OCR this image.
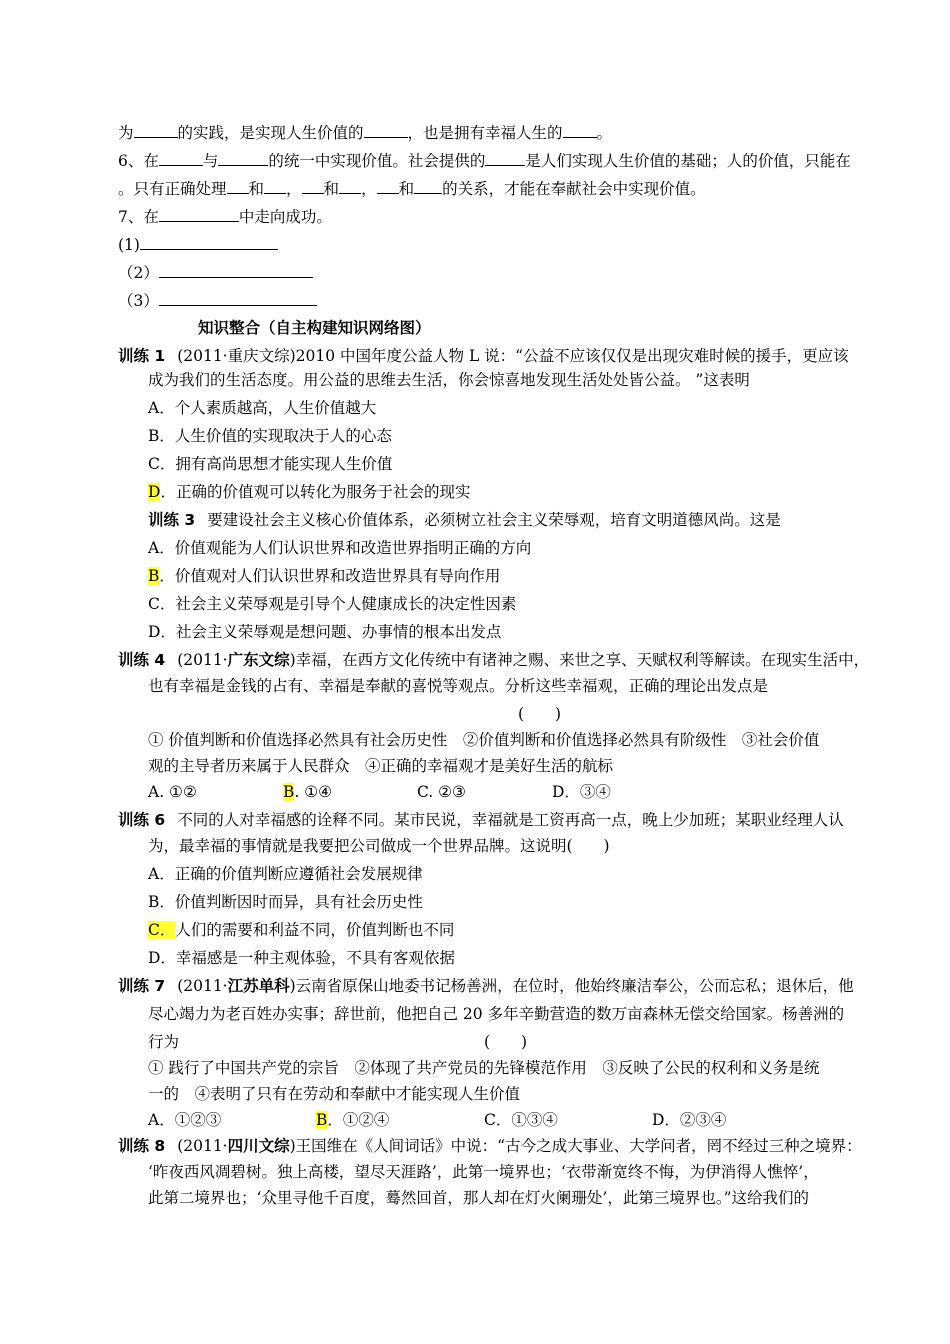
为	的实践，是实现人生价值的	，也是拥有幸福人生的 。
6、在	与	的统一中实现价值。社会提供的	是人们实现人生价值的基础；人的价值，只能在
。只有正确处理 和 ， 和 ， 和 的关系，才能在奉献社会中实现价值。
7、在	中走向成功。
(1)
（2）
（3）
知识整合（自主构建知识网络图）
训练 1 (2011·重庆文综)2010 中国年度公益人物 L 说：“公益不应该仅仅是出现灾难时候的援手，更应该
成为我们的生活态度。用公益的思维去生活，你会惊喜地发现生活处处皆公益。 ”这表明
A．个人素质越高，人生价值越大
B．人生价值的实现取决于人的心态
C．拥有高尚思想才能实现人生价值
D．正确的价值观可以转化为服务于社会的现实
训练 3 要建设社会主义核心价值体系，必须树立社会主义荣辱观，培育文明道德风尚。这是
A．价值观能为人们认识世界和改造世界指明正确的方向
B．价值观对人们认识世界和改造世界具有导向作用
C．社会主义荣辱观是引导个人健康成长的决定性因素
D．社会主义荣辱观是想问题、办事情的根本出发点
训练 4 (2011·广东文综)幸福，在西方文化传统中有诸神之赐、来世之享、天赋权利等解读。在现实生活中，
也有幸福是金钱的占有、幸福是奉献的喜悦等观点。分析这些幸福观，正确的理论出发点是
(　　)
① 价值判断和价值选择必然具有社会历史性　②价值判断和价值选择必然具有阶级性　③社会价值
观的主导者历来属于人民群众　④正确的幸福观才是美好生活的航标
A. ①②	B. ①④	C. ②③	D．③④
训练 6 不同的人对幸福感的诠释不同。某市民说，幸福就是工资再高一点，晚上少加班；某职业经理人认
为，最幸福的事情就是我要把公司做成一个世界品牌。这说明(　　)
A．正确的价值判断应遵循社会发展规律
B．价值判断因时而异，具有社会历史性
C．人们的需要和利益不同，价值判断也不同
D．幸福感是一种主观体验，不具有客观依据
训练 7 (2011·江苏单科)云南省原保山地委书记杨善洲，在位时，他始终廉洁奉公，公而忘私；退休后，他
尽心竭力为老百姓办实事；辞世前，他把自己 20 多年辛勤营造的数万亩森林无偿交给国家。杨善洲的
行为	(　　)
① 践行了中国共产党的宗旨　②体现了共产党员的先锋模范作用　③反映了公民的权利和义务是统
一的　④表明了只有在劳动和奉献中才能实现人生价值
A．①②③	B．①②④	C．①③④	D．②③④
训练 8 (2011·四川文综)王国维在《人间词话》中说：“古今之成大事业、大学问者，罔不经过三种之境界：
‘昨夜西风凋碧树。独上高楼，望尽天涯路’，此第一境界也；‘衣带渐宽终不悔，为伊消得人憔悴’，
此第二境界也；‘众里寻他千百度，蓦然回首，那人却在灯火阑珊处’，此第三境界也。”这给我们的
